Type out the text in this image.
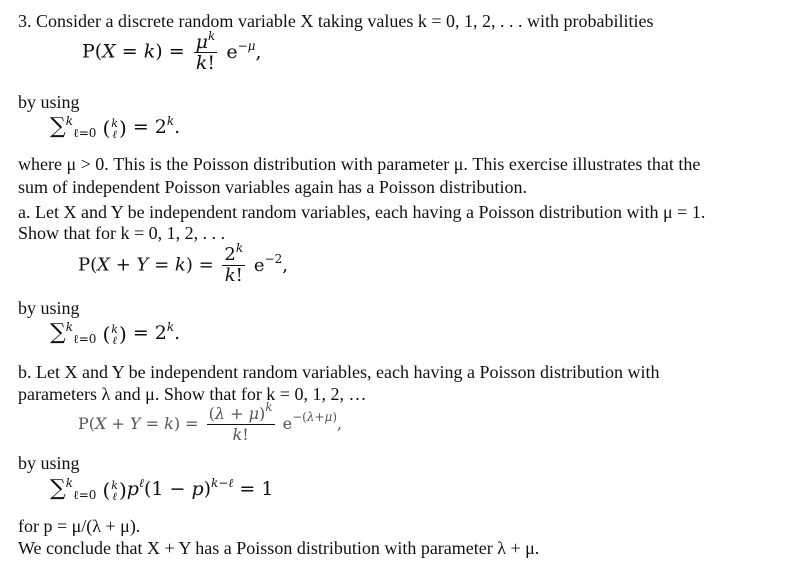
3. Consider a discrete random variable X taking values k = 0, 1, 2, . . . with probabilities
$P(X = k) = \frac{\mu^k}{k!} e^{-\mu}$,
by using
∑$^k_{\ell=0}$ (k
ℓ ) = $2^k$.
where μ > 0. This is the Poisson distribution with parameter μ. This exercise illustrates that the
sum of independent Poisson variables again has a Poisson distribution.
a. Let X and Y be independent random variables, each having a Poisson distribution with μ = 1.
Show that for k = 0, 1, 2, . . .
$P(X + Y = k) = \frac{2^k}{k!} e^{-2}$,
by using
∑$^k_{\ell=0}$ (k
ℓ ) = $2^k$.
b. Let X and Y be independent random variables, each having a Poisson distribution with
parameters λ and μ. Show that for k = 0, 1, 2, …
$P(X + Y = k) = \frac{(\lambda + \mu)^k}{k!} e^{-(\lambda+\mu)}$,
by using
∑$^k_{\ell=0}$ (k
ℓ )$p^\ell(1 - p)^{k-\ell} = 1$
for p = μ/(λ + μ).
We conclude that X + Y has a Poisson distribution with parameter λ + μ.
